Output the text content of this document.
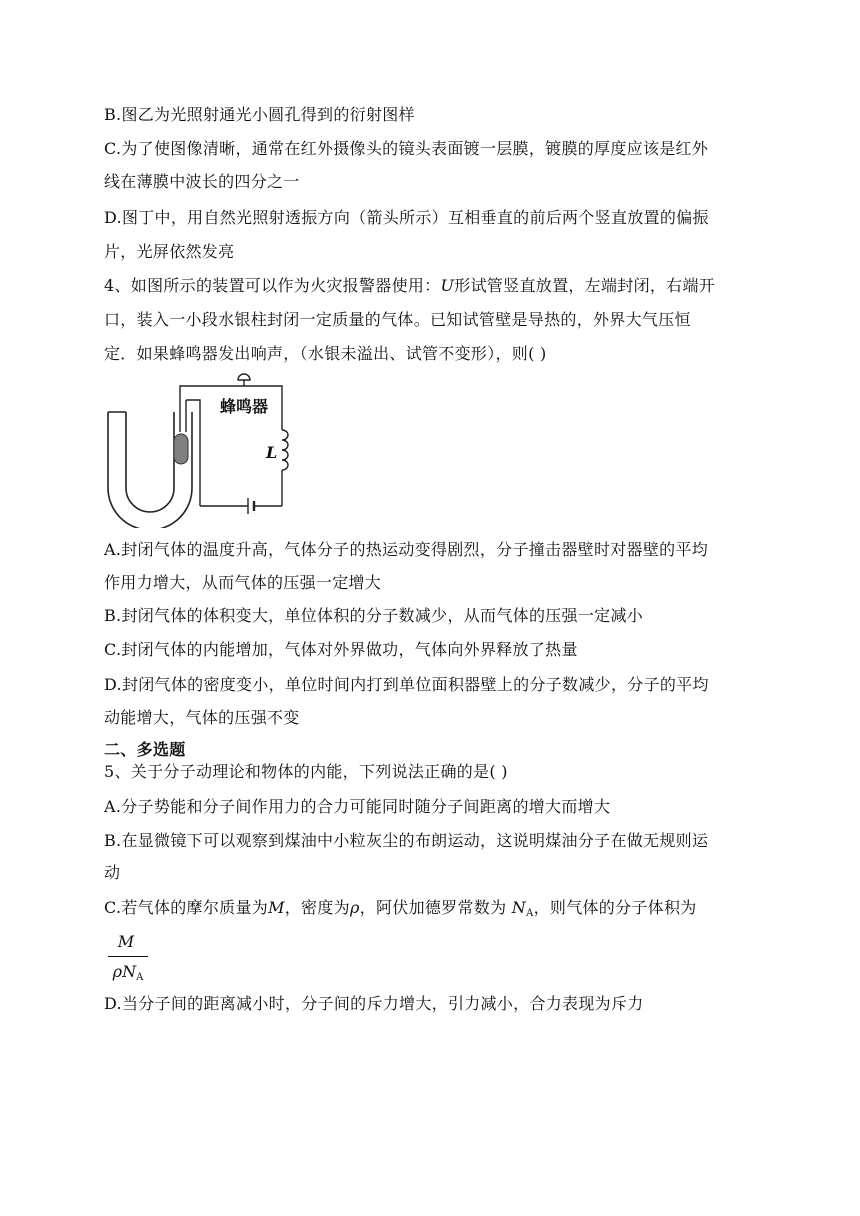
B.图乙为光照射通光小圆孔得到的衍射图样
C.为了使图像清晰，通常在红外摄像头的镜头表面镀一层膜，镀膜的厚度应该是红外
线在薄膜中波长的四分之一
D.图丁中，用自然光照射透振方向（箭头所示）互相垂直的前后两个竖直放置的偏振
片，光屏依然发亮
4、如图所示的装置可以作为火灾报警器使用：U形试管竖直放置，左端封闭，右端开
口，装入一小段水银柱封闭一定质量的气体。已知试管壁是导热的，外界大气压恒
定．如果蜂鸣器发出响声，（水银未溢出、试管不变形），则( )
蜂鸣器
L
A.封闭气体的温度升高，气体分子的热运动变得剧烈，分子撞击器壁时对器壁的平均
作用力增大，从而气体的压强一定增大
B.封闭气体的体积变大，单位体积的分子数减少，从而气体的压强一定减小
C.封闭气体的内能增加，气体对外界做功，气体向外界释放了热量
D.封闭气体的密度变小，单位时间内打到单位面积器壁上的分子数减少，分子的平均
动能增大，气体的压强不变
二、多选题
5、关于分子动理论和物体的内能，下列说法正确的是( )
A.分子势能和分子间作用力的合力可能同时随分子间距离的增大而增大
B.在显微镜下可以观察到煤油中小粒灰尘的布朗运动，这说明煤油分子在做无规则运
动
C.若气体的摩尔质量为M，密度为ρ，阿伏加德罗常数为 $N_A$，则气体的分子体积为
M
$\rho N_A$
D.当分子间的距离减小时，分子间的斥力增大，引力减小，合力表现为斥力
